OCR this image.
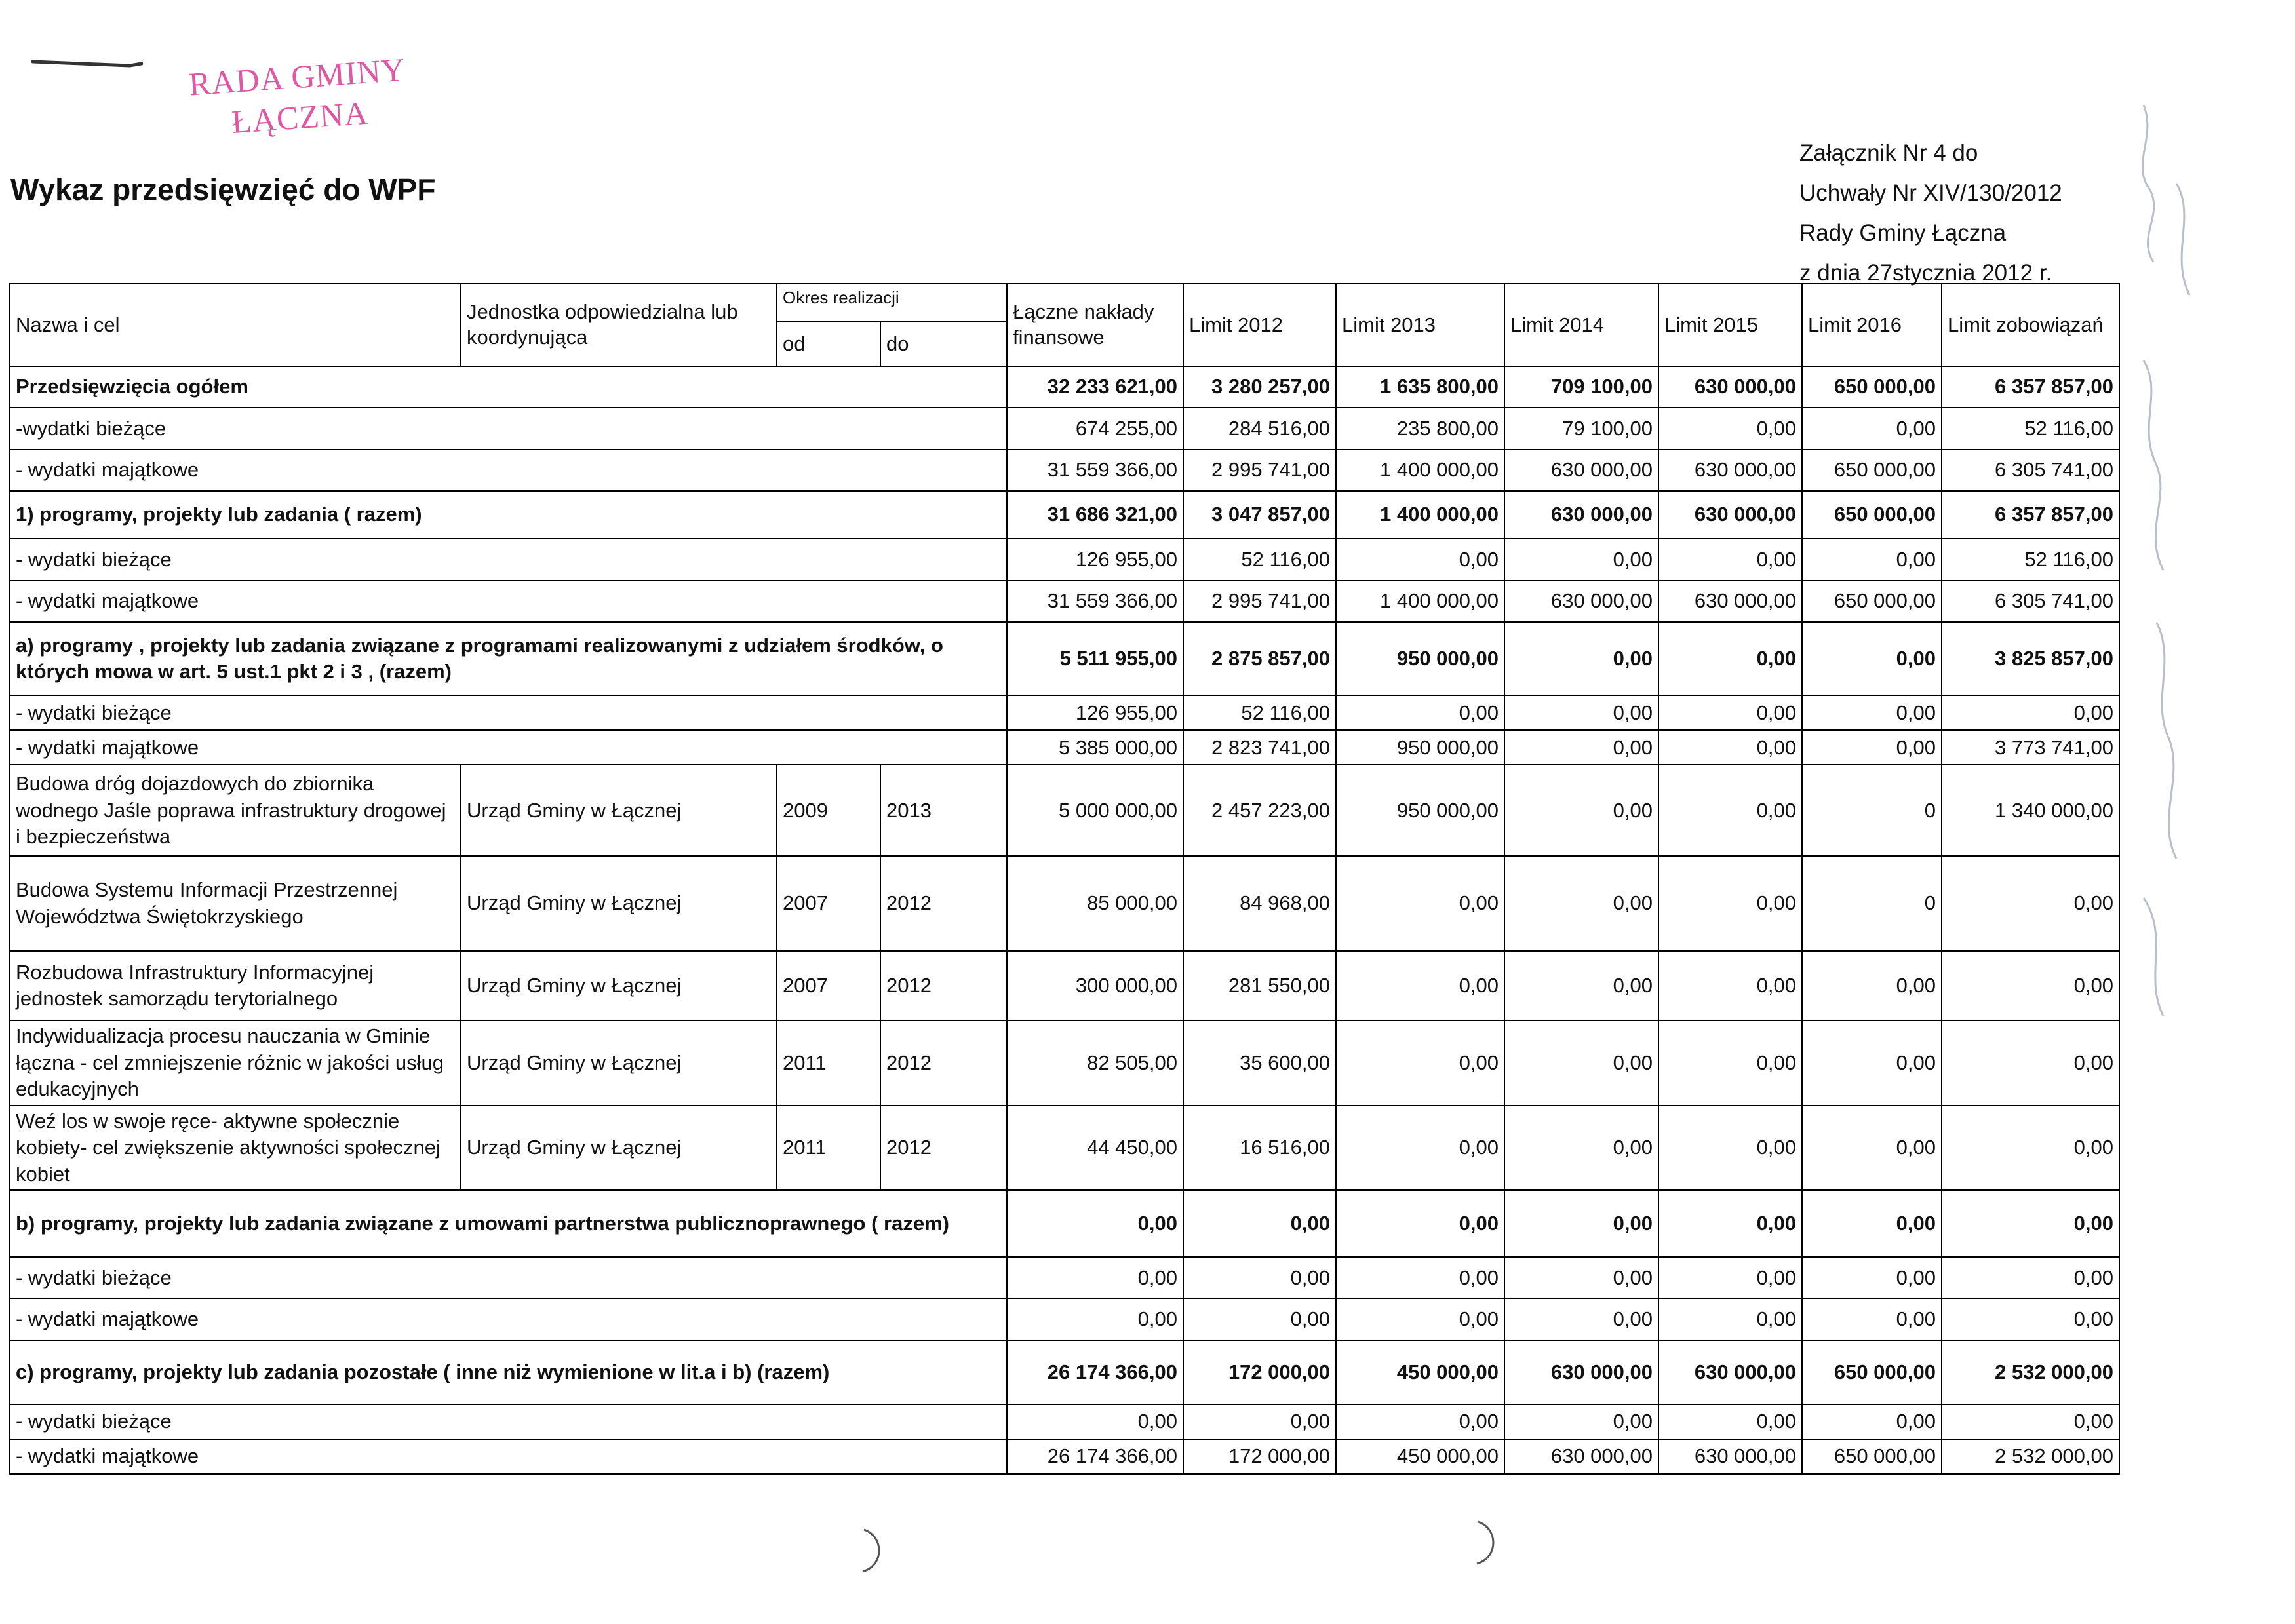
RADA GMINY
ŁĄCZNA
Wykaz przedsięwzięć do WPF
Załącznik Nr 4 do
Uchwały Nr XIV/130/2012
Rady Gminy Łączna
z dnia 27stycznia 2012 r.
Nazwa i cel	Jednostka odpowiedzialna lub koordynująca	Okres realizacji		Łączne nakłady finansowe	Limit 2012	Limit 2013	Limit 2014	Limit 2015	Limit 2016	Limit zobowiązań
		od	do							
Przedsięwzięcia ogółem				32 233 621,00	3 280 257,00	1 635 800,00	709 100,00	630 000,00	650 000,00	6 357 857,00
-wydatki bieżące				674 255,00	284 516,00	235 800,00	79 100,00	0,00	0,00	52 116,00
- wydatki majątkowe				31 559 366,00	2 995 741,00	1 400 000,00	630 000,00	630 000,00	650 000,00	6 305 741,00
1) programy, projekty lub zadania ( razem)				31 686 321,00	3 047 857,00	1 400 000,00	630 000,00	630 000,00	650 000,00	6 357 857,00
- wydatki bieżące				126 955,00	52 116,00	0,00	0,00	0,00	0,00	52 116,00
- wydatki majątkowe				31 559 366,00	2 995 741,00	1 400 000,00	630 000,00	630 000,00	650 000,00	6 305 741,00
a) programy , projekty lub zadania związane z programami realizowanymi z udziałem środków, o których mowa w art. 5 ust.1 pkt 2 i 3 , (razem)				5 511 955,00	2 875 857,00	950 000,00	0,00	0,00	0,00	3 825 857,00
- wydatki bieżące				126 955,00	52 116,00	0,00	0,00	0,00	0,00	0,00
- wydatki majątkowe				5 385 000,00	2 823 741,00	950 000,00	0,00	0,00	0,00	3 773 741,00
Budowa dróg dojazdowych do zbiornika wodnego Jaśle poprawa infrastruktury drogowej i bezpieczeństwa	Urząd Gminy w Łącznej	2009	2013	5 000 000,00	2 457 223,00	950 000,00	0,00	0,00	0	1 340 000,00
Budowa Systemu Informacji Przestrzennej Województwa Świętokrzyskiego	Urząd Gminy w Łącznej	2007	2012	85 000,00	84 968,00	0,00	0,00	0,00	0	0,00
Rozbudowa Infrastruktury Informacyjnej jednostek samorządu terytorialnego	Urząd Gminy w Łącznej	2007	2012	300 000,00	281 550,00	0,00	0,00	0,00	0,00	0,00
Indywidualizacja procesu nauczania w Gminie łączna - cel zmniejszenie różnic w jakości usług edukacyjnych	Urząd Gminy w Łącznej	2011	2012	82 505,00	35 600,00	0,00	0,00	0,00	0,00	0,00
Weź los w swoje ręce- aktywne społecznie kobiety- cel zwiększenie aktywności społecznej kobiet	Urząd Gminy w Łącznej	2011	2012	44 450,00	16 516,00	0,00	0,00	0,00	0,00	0,00
b) programy, projekty lub zadania związane z umowami partnerstwa publicznoprawnego ( razem)				0,00	0,00	0,00	0,00	0,00	0,00	0,00
- wydatki bieżące				0,00	0,00	0,00	0,00	0,00	0,00	0,00
- wydatki majątkowe				0,00	0,00	0,00	0,00	0,00	0,00	0,00
c) programy, projekty lub zadania pozostałe ( inne niż wymienione w lit.a i b) (razem)				26 174 366,00	172 000,00	450 000,00	630 000,00	630 000,00	650 000,00	2 532 000,00
- wydatki bieżące				0,00	0,00	0,00	0,00	0,00	0,00	0,00
- wydatki majątkowe				26 174 366,00	172 000,00	450 000,00	630 000,00	630 000,00	650 000,00	2 532 000,00
